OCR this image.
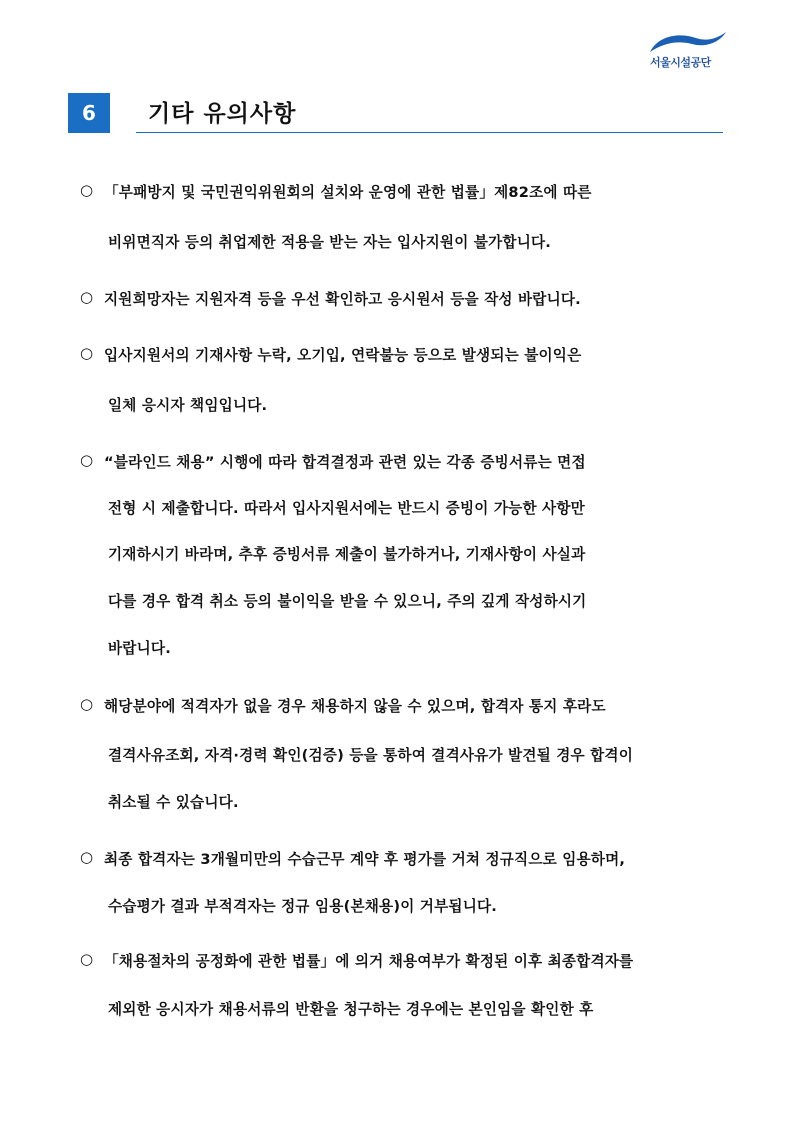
서울시설공단
6	기타 유의사항
○ 「부패방지 및 국민권익위원회의 설치와 운영에 관한 법률」제82조에 따른
비위면직자 등의 취업제한 적용을 받는 자는 입사지원이 불가합니다.
○ 지원희망자는 지원자격 등을 우선 확인하고 응시원서 등을 작성 바랍니다.
○ 입사지원서의 기재사항 누락, 오기입, 연락불능 등으로 발생되는 불이익은
일체 응시자 책임입니다.
○ “블라인드 채용” 시행에 따라 합격결정과 관련 있는 각종 증빙서류는 면접
전형 시 제출합니다. 따라서 입사지원서에는 반드시 증빙이 가능한 사항만
기재하시기 바라며, 추후 증빙서류 제출이 불가하거나, 기재사항이 사실과
다를 경우 합격 취소 등의 불이익을 받을 수 있으니, 주의 깊게 작성하시기
바랍니다.
○ 해당분야에 적격자가 없을 경우 채용하지 않을 수 있으며, 합격자 통지 후라도
결격사유조회, 자격·경력 확인(검증) 등을 통하여 결격사유가 발견될 경우 합격이
취소될 수 있습니다.
○ 최종 합격자는 3개월미만의 수습근무 계약 후 평가를 거쳐 정규직으로 임용하며,
수습평가 결과 부적격자는 정규 임용(본채용)이 거부됩니다.
○ 「채용절차의 공정화에 관한 법률」에 의거 채용여부가 확정된 이후 최종합격자를
제외한 응시자가 채용서류의 반환을 청구하는 경우에는 본인임을 확인한 후
